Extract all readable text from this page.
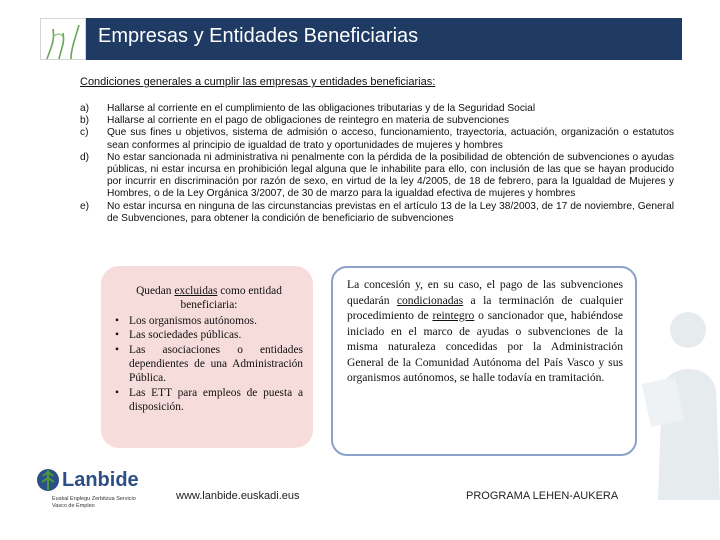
Empresas y Entidades Beneficiarias
Condiciones generales a cumplir las empresas y entidades beneficiarias:
a)	Hallarse al corriente en el cumplimiento de las obligaciones tributarias y de la Seguridad Social
b)	Hallarse al corriente en el pago de obligaciones de reintegro en materia de subvenciones
c)	Que sus fines u objetivos, sistema de admisión o acceso, funcionamiento, trayectoria, actuación, organización o estatutos sean conformes al principio de igualdad de trato y oportunidades de mujeres y hombres
d)	No estar sancionada ni administrativa ni penalmente con la pérdida de la posibilidad de obtención de subvenciones o ayudas públicas, ni estar incursa en prohibición legal alguna que le inhabilite para ello, con inclusión de las que se hayan producido por incurrir en discriminación por razón de sexo, en virtud de la ley 4/2005, de 18 de febrero, para la Igualdad de Mujeres y Hombres, o de la Ley Orgánica 3/2007, de 30 de marzo para la igualdad efectiva de mujeres y hombres
e)	No estar incursa en ninguna de las circunstancias previstas en el artículo 13 de la Ley 38/2003, de 17 de noviembre, General de Subvenciones, para obtener la condición de beneficiario de subvenciones
Quedan excluidas como entidad beneficiaria:
• Los organismos autónomos.
• Las sociedades públicas.
• Las asociaciones o entidades dependientes de una Administración Pública.
• Las ETT para empleos de puesta a disposición.
La concesión y, en su caso, el pago de las subvenciones quedarán condicionadas a la terminación de cualquier procedimiento de reintegro o sancionador que, habiéndose iniciado en el marco de ayudas o subvenciones de la misma naturaleza concedidas por la Administración General de la Comunidad Autónoma del País Vasco y sus organismos autónomos, se halle todavía en tramitación.
Lanbide
Euskal Enplegu Zerbitzua Servicio Vasco de Empleo
www.lanbide.euskadi.eus	PROGRAMA LEHEN-AUKERA
